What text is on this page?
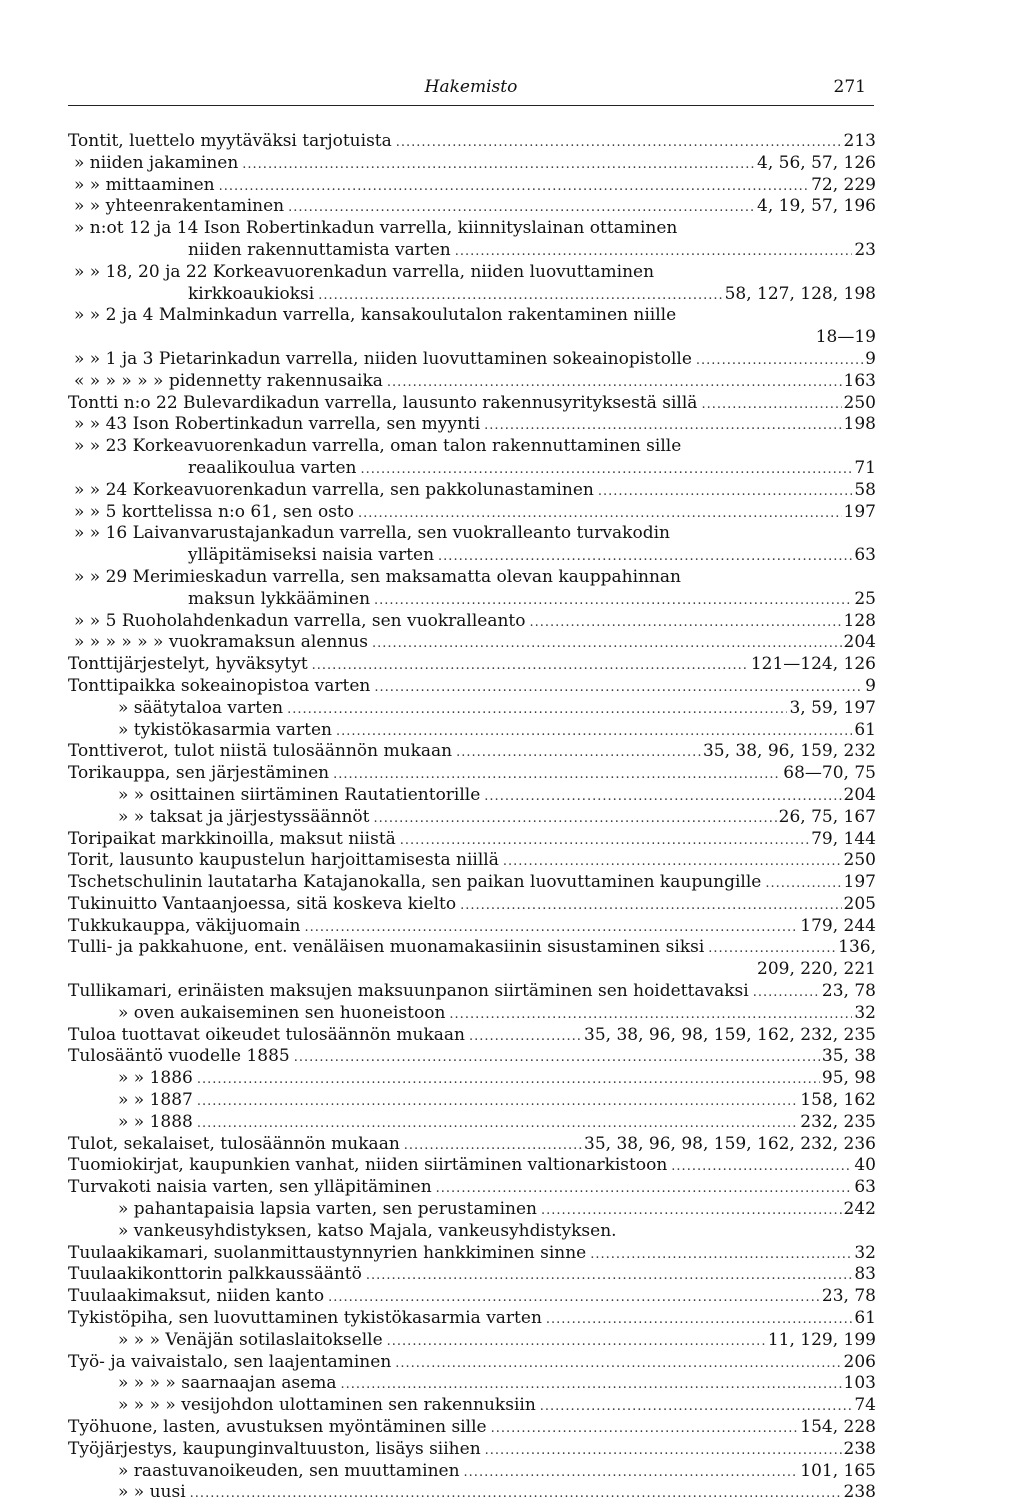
Hakemisto	271
Tontit, luettelo myytäväksi tarjotuista .....	213
» niiden jakaminen .....	4, 56, 57, 126
» » mittaaminen .....	72, 229
» » yhteenrakentaminen .....	4, 19, 57, 196
» n:ot 12 ja 14 Ison Robertinkadun varrella, kiinnityslainan ottaminen
niiden rakennuttamista varten .....	23
» » 18, 20 ja 22 Korkeavuorenkadun varrella, niiden luovuttaminen
kirkkoaukioksi .....	58, 127, 128, 198
» » 2 ja 4 Malminkadun varrella, kansakoulutalon rakentaminen niille
18—19
» » 1 ja 3 Pietarinkadun varrella, niiden luovuttaminen sokeainopistolle .....	9
« » » » » » pidennetty rakennusaika .....	163
Tontti n:o 22 Bulevardikadun varrella, lausunto rakennusyrityksestä sillä .....	250
» » 43 Ison Robertinkadun varrella, sen myynti .....	198
» » 23 Korkeavuorenkadun varrella, oman talon rakennuttaminen sille
reaalikoulua varten .....	71
» » 24 Korkeavuorenkadun varrella, sen pakkolunastaminen .....	58
» » 5 korttelissa n:o 61, sen osto .....	197
» » 16 Laivanvarustajankadun varrella, sen vuokralleanto turvakodin
ylläpitämiseksi naisia varten .....	63
» » 29 Merimieskadun varrella, sen maksamatta olevan kauppahinnan
maksun lykkääminen .....	25
» » 5 Ruoholahdenkadun varrella, sen vuokralleanto .....	128
» » » » » » vuokramaksun alennus .....	204
Tonttijärjestelyt, hyväksytyt .....	121—124, 126
Tonttipaikka sokeainopistoa varten .....	9
» säätytaloa varten .....	3, 59, 197
» tykistökasarmia varten .....	61
Tonttiverot, tulot niistä tulosäännön mukaan .....	35, 38, 96, 159, 232
Torikauppa, sen järjestäminen .....	68—70, 75
» » osittainen siirtäminen Rautatientorille .....	204
» » taksat ja järjestyssäännöt .....	26, 75, 167
Toripaikat markkinoilla, maksut niistä .....	79, 144
Torit, lausunto kaupustelun harjoittamisesta niillä .....	250
Tschetschulinin lautatarha Katajanokalla, sen paikan luovuttaminen kaupungille .....	197
Tukinuitto Vantaanjoessa, sitä koskeva kielto .....	205
Tukkukauppa, väkijuomain .....	179, 244
Tulli- ja pakkahuone, ent. venäläisen muonamakasiinin sisustaminen siksi .....	136,
209, 220, 221
Tullikamari, erinäisten maksujen maksuunpanon siirtäminen sen hoidettavaksi .....	23, 78
» oven aukaiseminen sen huoneistoon .....	32
Tuloa tuottavat oikeudet tulosäännön mukaan .....	35, 38, 96, 98, 159, 162, 232, 235
Tulosääntö vuodelle 1885 .....	35, 38
» » 1886 .....	95, 98
» » 1887 .....	158, 162
» » 1888 .....	232, 235
Tulot, sekalaiset, tulosäännön mukaan .....	35, 38, 96, 98, 159, 162, 232, 236
Tuomiokirjat, kaupunkien vanhat, niiden siirtäminen valtionarkistoon .....	40
Turvakoti naisia varten, sen ylläpitäminen .....	63
» pahantapaisia lapsia varten, sen perustaminen .....	242
» vankeusyhdistyksen, katso Majala, vankeusyhdistyksen.
Tuulaakikamari, suolanmittaustynnyrien hankkiminen sinne .....	32
Tuulaakikonttorin palkkaussääntö .....	83
Tuulaakimaksut, niiden kanto .....	23, 78
Tykistöpiha, sen luovuttaminen tykistökasarmia varten .....	61
» » » Venäjän sotilaslaitokselle .....	11, 129, 199
Työ- ja vaivaistalo, sen laajentaminen .....	206
» » » » saarnaajan asema .....	103
» » » » vesijohdon ulottaminen sen rakennuksiin .....	74
Työhuone, lasten, avustuksen myöntäminen sille .....	154, 228
Työjärjestys, kaupunginvaltuuston, lisäys siihen .....	238
» raastuvanoikeuden, sen muuttaminen .....	101, 165
» » uusi .....	238
